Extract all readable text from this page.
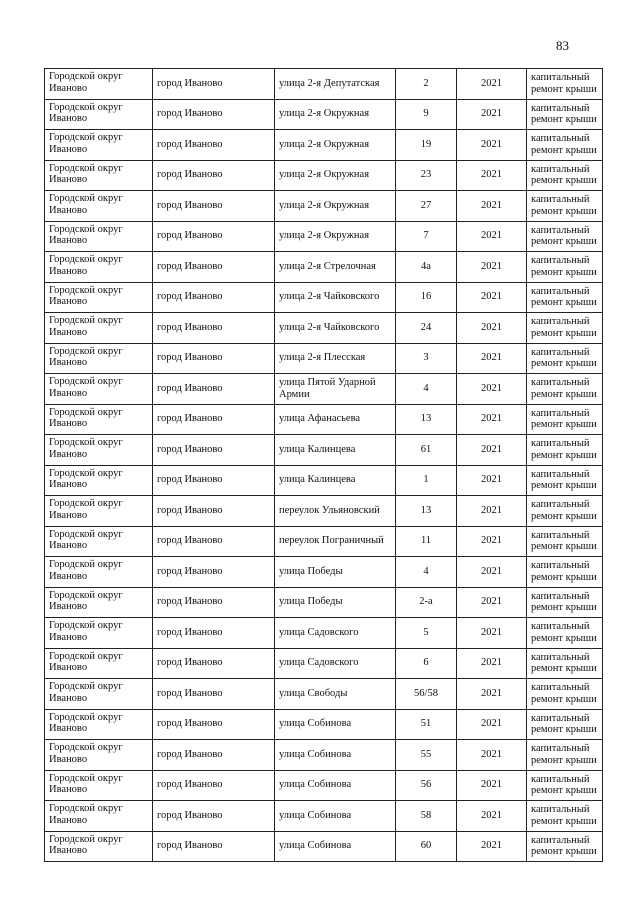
83
Городской округ Иваново	город Иваново	улица 2-я Депутатская	2	2021	капитальный ремонт крыши
Городской округ Иваново	город Иваново	улица 2-я Окружная	9	2021	капитальный ремонт крыши
Городской округ Иваново	город Иваново	улица 2-я Окружная	19	2021	капитальный ремонт крыши
Городской округ Иваново	город Иваново	улица 2-я Окружная	23	2021	капитальный ремонт крыши
Городской округ Иваново	город Иваново	улица 2-я Окружная	27	2021	капитальный ремонт крыши
Городской округ Иваново	город Иваново	улица 2-я Окружная	7	2021	капитальный ремонт крыши
Городской округ Иваново	город Иваново	улица 2-я Стрелочная	4а	2021	капитальный ремонт крыши
Городской округ Иваново	город Иваново	улица 2-я Чайковского	16	2021	капитальный ремонт крыши
Городской округ Иваново	город Иваново	улица 2-я Чайковского	24	2021	капитальный ремонт крыши
Городской округ Иваново	город Иваново	улица 2-я Плесская	3	2021	капитальный ремонт крыши
Городской округ Иваново	город Иваново	улица Пятой Ударной Армии	4	2021	капитальный ремонт крыши
Городской округ Иваново	город Иваново	улица Афанасьева	13	2021	капитальный ремонт крыши
Городской округ Иваново	город Иваново	улица Калинцева	61	2021	капитальный ремонт крыши
Городской округ Иваново	город Иваново	улица Калинцева	1	2021	капитальный ремонт крыши
Городской округ Иваново	город Иваново	переулок Ульяновский	13	2021	капитальный ремонт крыши
Городской округ Иваново	город Иваново	переулок Пограничный	11	2021	капитальный ремонт крыши
Городской округ Иваново	город Иваново	улица Победы	4	2021	капитальный ремонт крыши
Городской округ Иваново	город Иваново	улица Победы	2-а	2021	капитальный ремонт крыши
Городской округ Иваново	город Иваново	улица Садовского	5	2021	капитальный ремонт крыши
Городской округ Иваново	город Иваново	улица Садовского	6	2021	капитальный ремонт крыши
Городской округ Иваново	город Иваново	улица Свободы	56/58	2021	капитальный ремонт крыши
Городской округ Иваново	город Иваново	улица Собинова	51	2021	капитальный ремонт крыши
Городской округ Иваново	город Иваново	улица Собинова	55	2021	капитальный ремонт крыши
Городской округ Иваново	город Иваново	улица Собинова	56	2021	капитальный ремонт крыши
Городской округ Иваново	город Иваново	улица Собинова	58	2021	капитальный ремонт крыши
Городской округ Иваново	город Иваново	улица Собинова	60	2021	капитальный ремонт крыши
